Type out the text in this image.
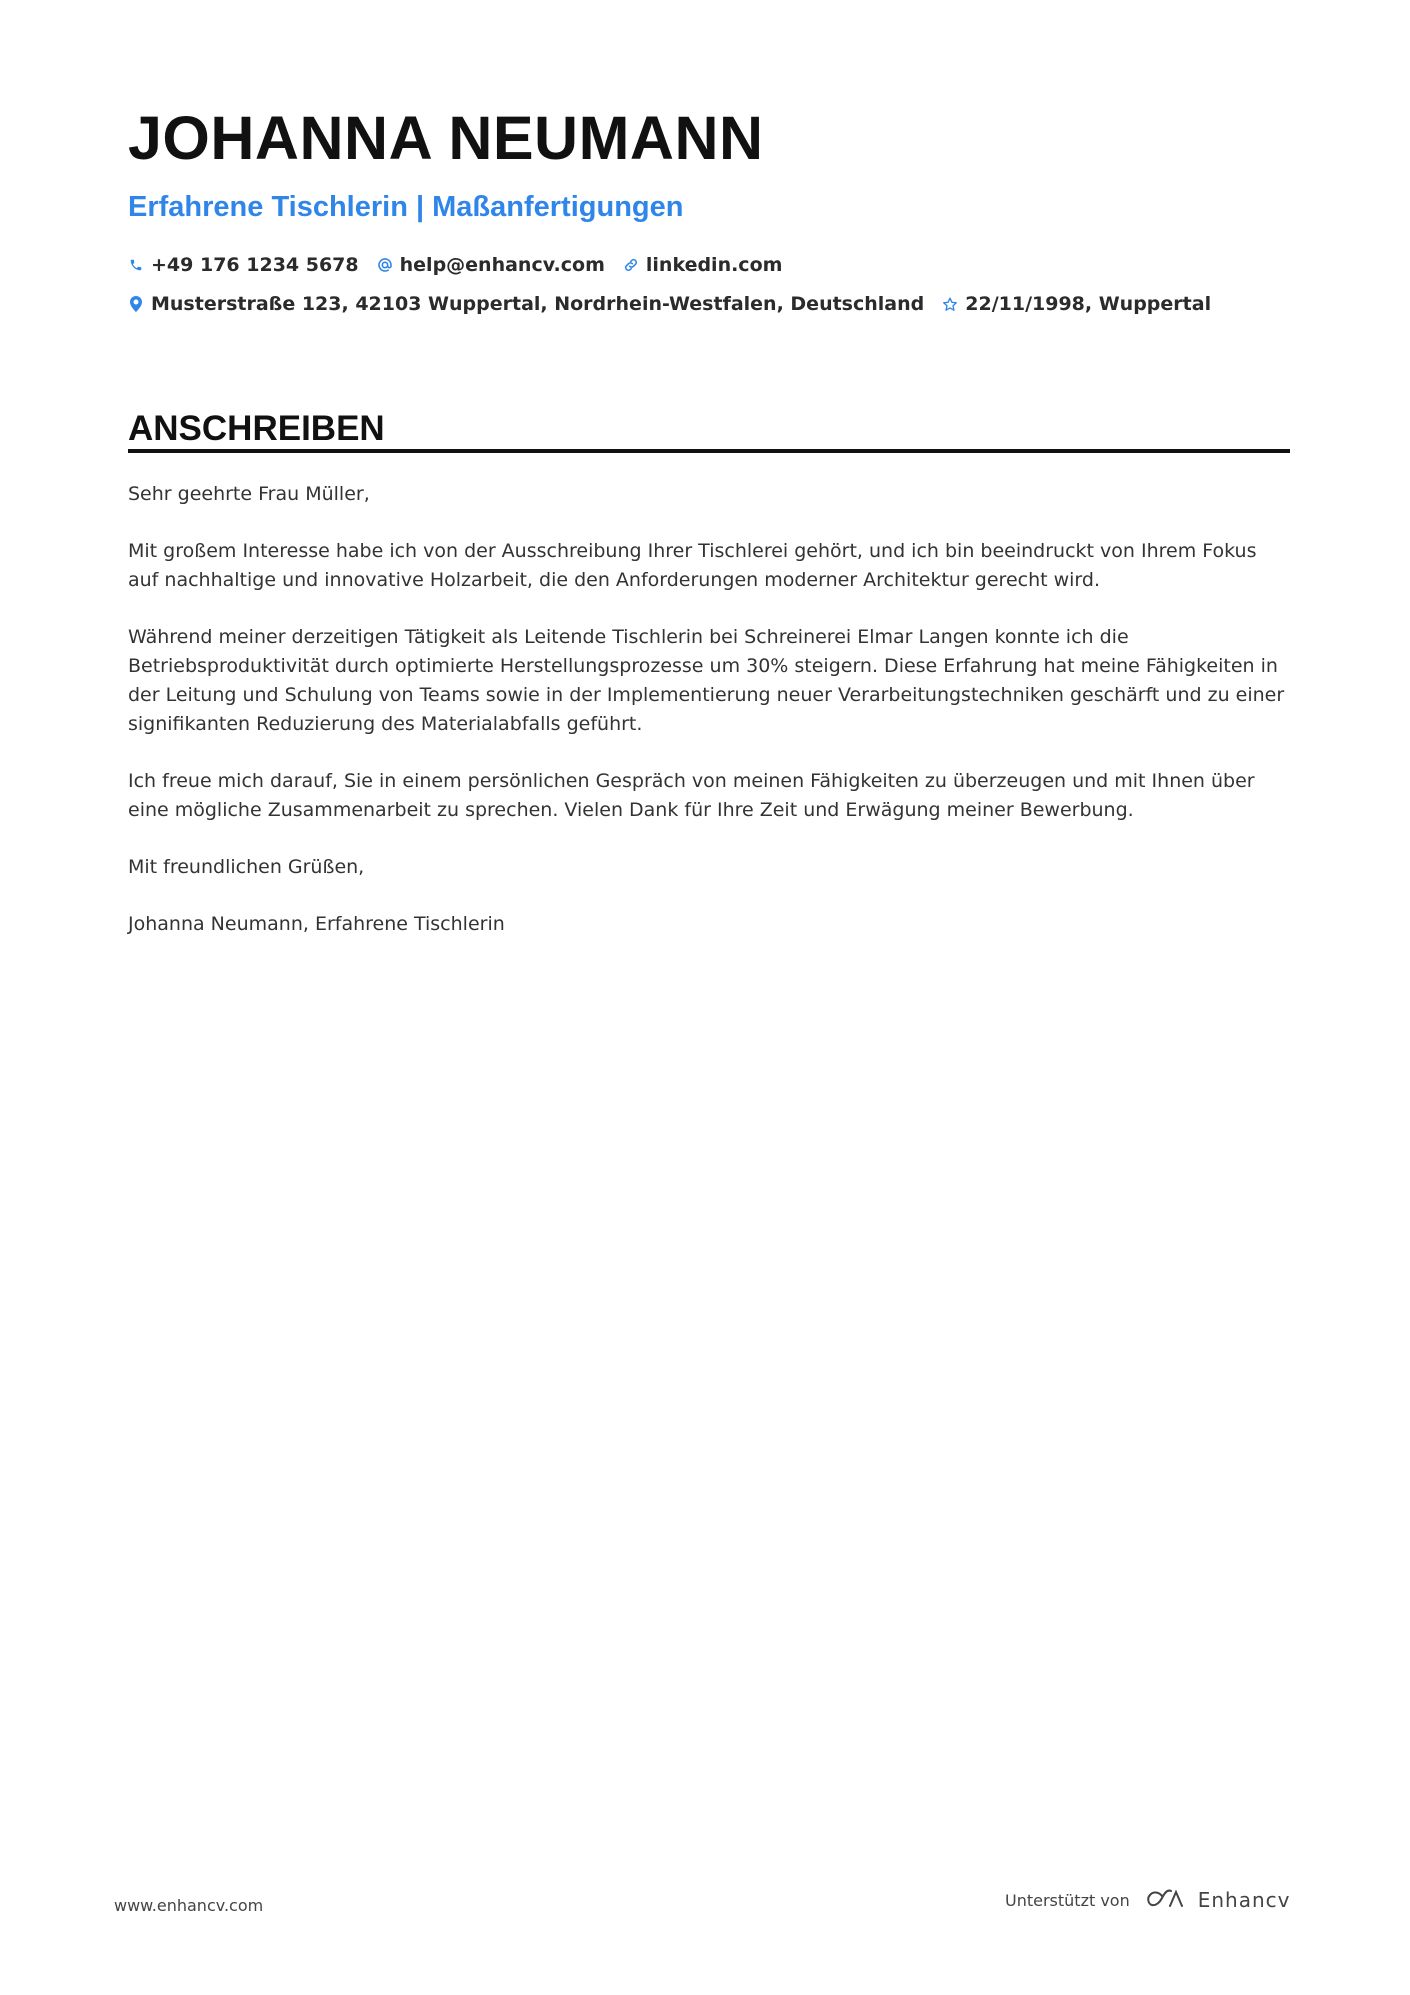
JOHANNA NEUMANN
Erfahrene Tischlerin | Maßanfertigungen
+49 176 1234 5678 help@enhancv.com linkedin.com
Musterstraße 123, 42103 Wuppertal, Nordrhein-Westfalen, Deutschland 22/11/1998, Wuppertal
ANSCHREIBEN

Sehr geehrte Frau Müller,

Mit großem Interesse habe ich von der Ausschreibung Ihrer Tischlerei gehört, und ich bin beeindruckt von Ihrem Fokus auf nachhaltige und innovative Holzarbeit, die den Anforderungen moderner Architektur gerecht wird.

Während meiner derzeitigen Tätigkeit als Leitende Tischlerin bei Schreinerei Elmar Langen konnte ich die Betriebsproduktivität durch optimierte Herstellungsprozesse um 30% steigern. Diese Erfahrung hat meine Fähigkeiten in der Leitung und Schulung von Teams sowie in der Implementierung neuer Verarbeitungstechniken geschärft und zu einer signifikanten Reduzierung des Materialabfalls geführt.

Ich freue mich darauf, Sie in einem persönlichen Gespräch von meinen Fähigkeiten zu überzeugen und mit Ihnen über eine mögliche Zusammenarbeit zu sprechen. Vielen Dank für Ihre Zeit und Erwägung meiner Bewerbung.

Mit freundlichen Grüßen,

Johanna Neumann, Erfahrene Tischlerin

www.enhancv.com	Unterstützt von	Enhancv
